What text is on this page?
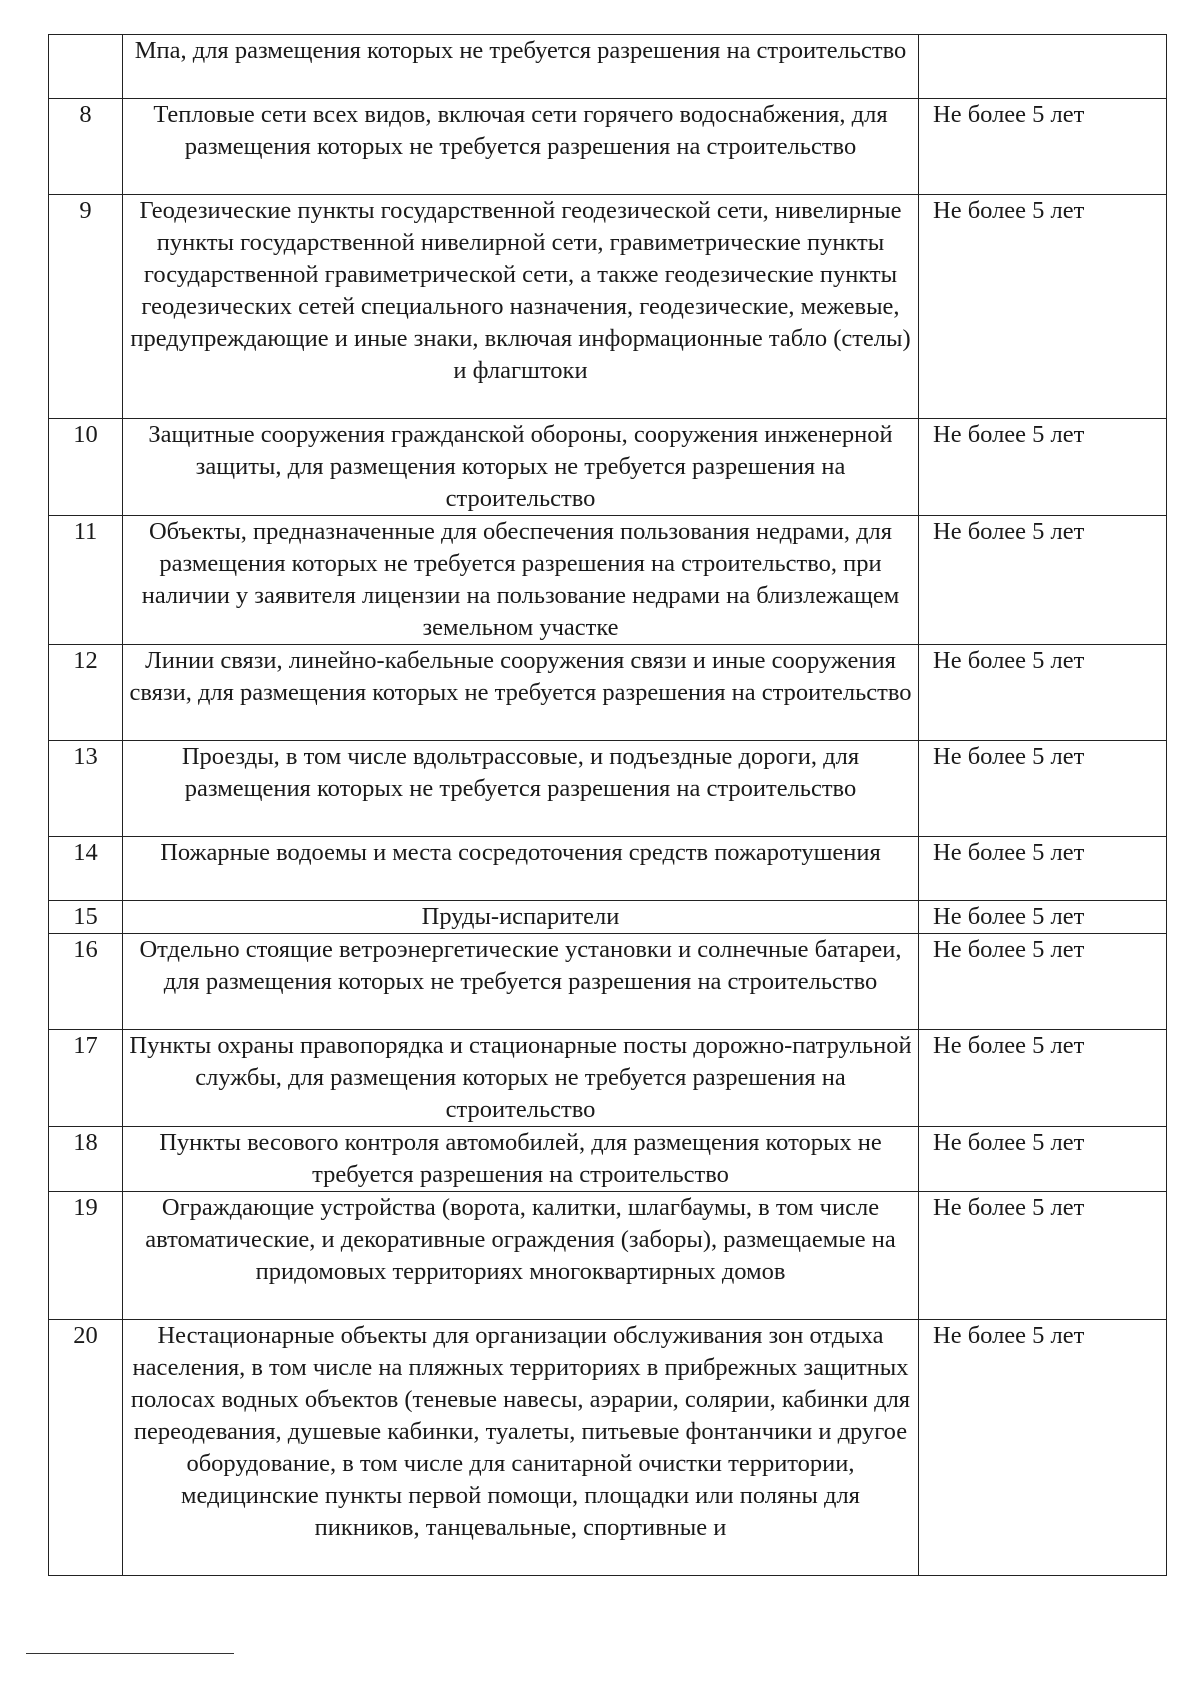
	Мпа, для размещения которых не требуется разрешения на строительство	
8	Тепловые сети всех видов, включая сети горячего водоснабжения, для размещения которых не требуется разрешения на строительство	Не более 5 лет
9	Геодезические пункты государственной геодезической сети, нивелирные пункты государственной нивелирной сети, гравиметрические пункты государственной гравиметрической сети, а также геодезические пункты геодезических сетей специального назначения, геодезические, межевые, предупреждающие и иные знаки, включая информационные табло (стелы) и флагштоки	Не более 5 лет
10	Защитные сооружения гражданской обороны, сооружения инженерной защиты, для размещения которых не требуется разрешения на строительство	Не более 5 лет
11	Объекты, предназначенные для обеспечения пользования недрами, для размещения которых не требуется разрешения на строительство, при наличии у заявителя лицензии на пользование недрами на близлежащем земельном участке	Не более 5 лет
12	Линии связи, линейно-кабельные сооружения связи и иные сооружения связи, для размещения которых не требуется разрешения на строительство	Не более 5 лет
13	Проезды, в том числе вдольтрассовые, и подъездные дороги, для размещения которых не требуется разрешения на строительство	Не более 5 лет
14	Пожарные водоемы и места сосредоточения средств пожаротушения	Не более 5 лет
15	Пруды-испарители	Не более 5 лет
16	Отдельно стоящие ветроэнергетические установки и солнечные батареи, для размещения которых не требуется разрешения на строительство	Не более 5 лет
17	Пункты охраны правопорядка и стационарные посты дорожно-патрульной службы, для размещения которых не требуется разрешения на строительство	Не более 5 лет
18	Пункты весового контроля автомобилей, для размещения которых не требуется разрешения на строительство	Не более 5 лет
19	Ограждающие устройства (ворота, калитки, шлагбаумы, в том числе автоматические, и декоративные ограждения (заборы), размещаемые на придомовых территориях многоквартирных домов	Не более 5 лет
20	Нестационарные объекты для организации обслуживания зон отдыха населения, в том числе на пляжных территориях в прибрежных защитных полосах водных объектов (теневые навесы, аэрарии, солярии, кабинки для переодевания, душевые кабинки, туалеты, питьевые фонтанчики и другое оборудование, в том числе для санитарной очистки территории, медицинские пункты первой помощи, площадки или поляны для пикников, танцевальные, спортивные и	Не более 5 лет
